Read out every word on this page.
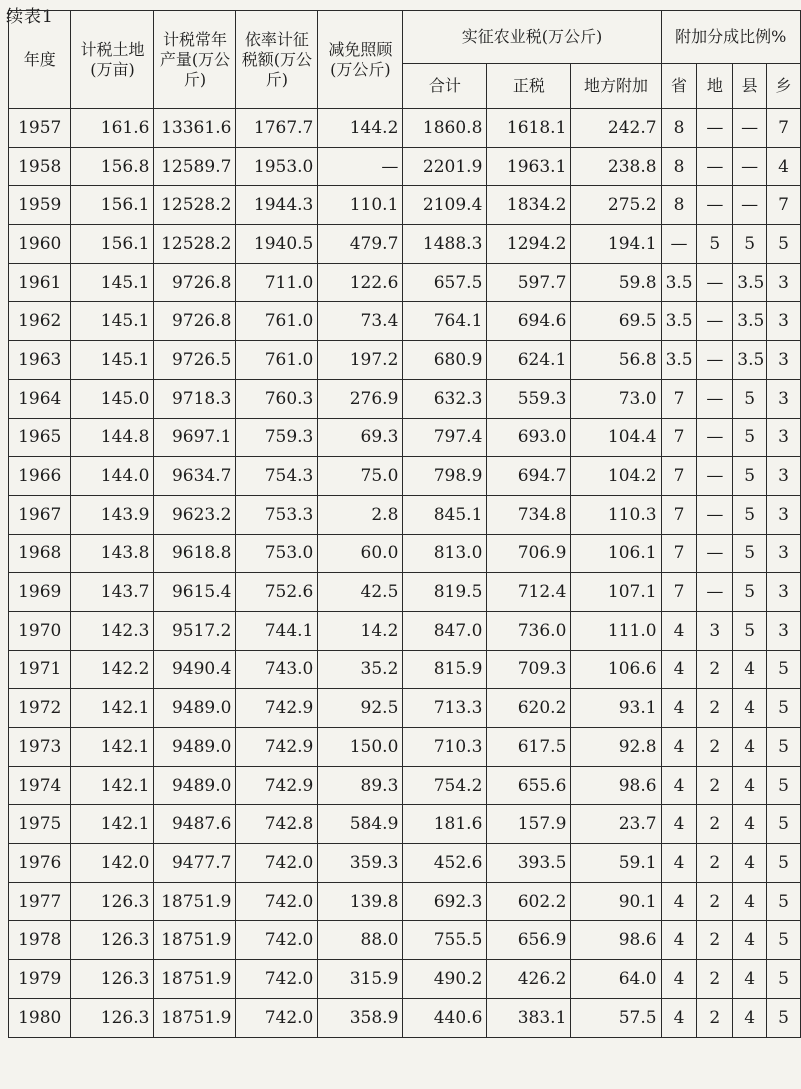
续表1
年度	计税土地(万亩)	计税常年产量(万公斤)	依率计征税额(万公斤)	减免照顾(万公斤)	实征农业税(万公斤)			附加分成比例%			
					合计	正税	地方附加	省	地	县	乡
1957	161.6	13361.6	1767.7	144.2	1860.8	1618.1	242.7	8	—	—	7
1958	156.8	12589.7	1953.0	—	2201.9	1963.1	238.8	8	—	—	4
1959	156.1	12528.2	1944.3	110.1	2109.4	1834.2	275.2	8	—	—	7
1960	156.1	12528.2	1940.5	479.7	1488.3	1294.2	194.1	—	5	5	5
1961	145.1	9726.8	711.0	122.6	657.5	597.7	59.8	3.5	—	3.5	3
1962	145.1	9726.8	761.0	73.4	764.1	694.6	69.5	3.5	—	3.5	3
1963	145.1	9726.5	761.0	197.2	680.9	624.1	56.8	3.5	—	3.5	3
1964	145.0	9718.3	760.3	276.9	632.3	559.3	73.0	7	—	5	3
1965	144.8	9697.1	759.3	69.3	797.4	693.0	104.4	7	—	5	3
1966	144.0	9634.7	754.3	75.0	798.9	694.7	104.2	7	—	5	3
1967	143.9	9623.2	753.3	2.8	845.1	734.8	110.3	7	—	5	3
1968	143.8	9618.8	753.0	60.0	813.0	706.9	106.1	7	—	5	3
1969	143.7	9615.4	752.6	42.5	819.5	712.4	107.1	7	—	5	3
1970	142.3	9517.2	744.1	14.2	847.0	736.0	111.0	4	3	5	3
1971	142.2	9490.4	743.0	35.2	815.9	709.3	106.6	4	2	4	5
1972	142.1	9489.0	742.9	92.5	713.3	620.2	93.1	4	2	4	5
1973	142.1	9489.0	742.9	150.0	710.3	617.5	92.8	4	2	4	5
1974	142.1	9489.0	742.9	89.3	754.2	655.6	98.6	4	2	4	5
1975	142.1	9487.6	742.8	584.9	181.6	157.9	23.7	4	2	4	5
1976	142.0	9477.7	742.0	359.3	452.6	393.5	59.1	4	2	4	5
1977	126.3	18751.9	742.0	139.8	692.3	602.2	90.1	4	2	4	5
1978	126.3	18751.9	742.0	88.0	755.5	656.9	98.6	4	2	4	5
1979	126.3	18751.9	742.0	315.9	490.2	426.2	64.0	4	2	4	5
1980	126.3	18751.9	742.0	358.9	440.6	383.1	57.5	4	2	4	5
